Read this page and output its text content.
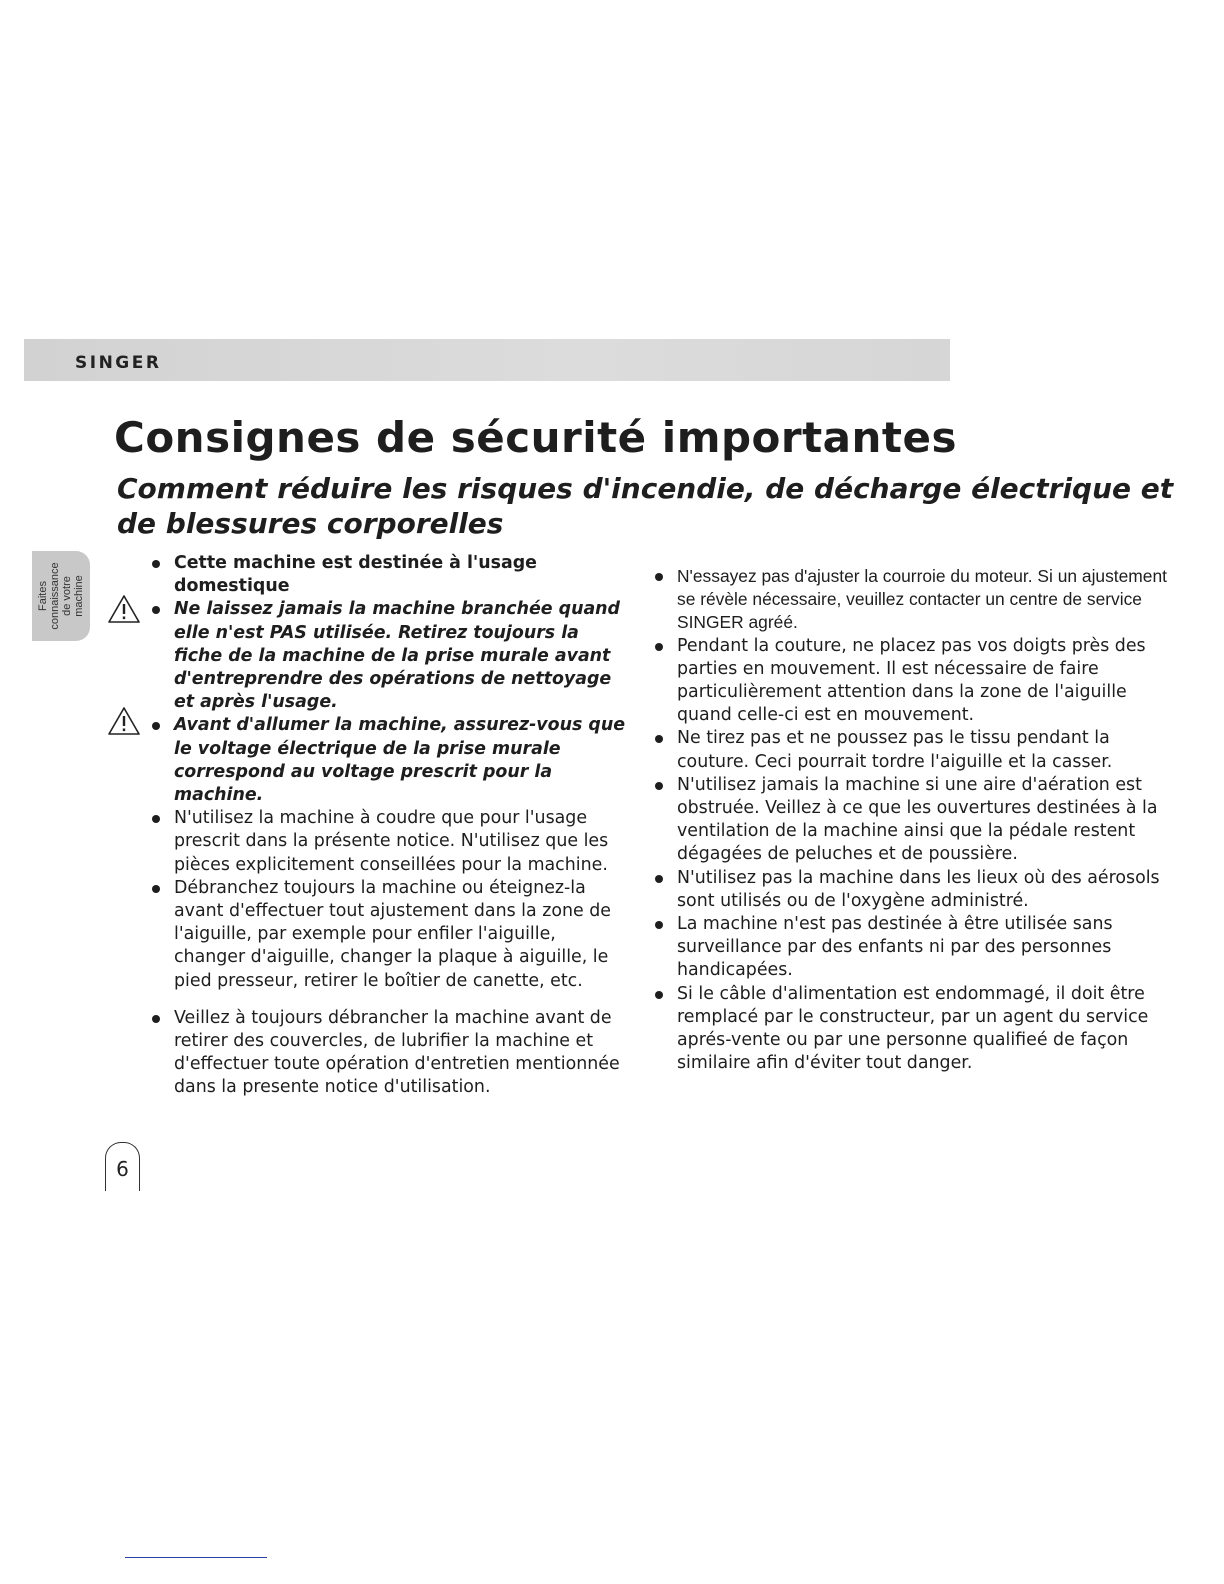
SINGER
Faites connaissance de votre machine
Consignes de sécurité importantes
Comment réduire les risques d'incendie, de décharge électrique et de blessures corporelles
Cette machine est destinée à l'usage domestique
Ne laissez jamais la machine branchée quand elle n'est PAS utilisée. Retirez toujours la fiche de la machine de la prise murale avant d'entreprendre des opérations de nettoyage et après l'usage.
Avant d'allumer la machine, assurez-vous que le voltage électrique de la prise murale correspond au voltage prescrit pour la machine.
N'utilisez la machine à coudre que pour l'usage prescrit dans la présente notice. N'utilisez que les pièces explicitement conseillées pour la machine.
Débranchez toujours la machine ou éteignez-la avant d'effectuer tout ajustement dans la zone de l'aiguille, par exemple pour enfiler l'aiguille, changer d'aiguille, changer la plaque à aiguille, le pied presseur, retirer le boîtier de canette, etc.
Veillez à toujours débrancher la machine avant de retirer des couvercles, de lubrifier la machine et d'effectuer toute opération d'entretien mentionnée dans la presente notice d'utilisation.
N'essayez pas d'ajuster la courroie du moteur. Si un ajustement se révèle nécessaire, veuillez contacter un centre de service SINGER agréé.
Pendant la couture, ne placez pas vos doigts près des parties en mouvement. Il est nécessaire de faire particulièrement attention dans la zone de l'aiguille quand celle-ci est en mouvement.
Ne tirez pas et ne poussez pas le tissu pendant la couture. Ceci pourrait tordre l'aiguille et la casser.
N'utilisez jamais la machine si une aire d'aération est obstruée. Veillez à ce que les ouvertures destinées à la ventilation de la machine ainsi que la pédale restent dégagées de peluches et de poussière.
N'utilisez pas la machine dans les lieux où des aérosols sont utilisés ou de l'oxygène administré.
La machine n'est pas destinée à être utilisée sans surveillance par des enfants ni par des personnes handicapées.
Si le câble d'alimentation est endommagé, il doit être remplacé par le constructeur, par un agent du service aprés-vente ou par une personne qualifieé de façon similaire afin d'éviter tout danger.
6
